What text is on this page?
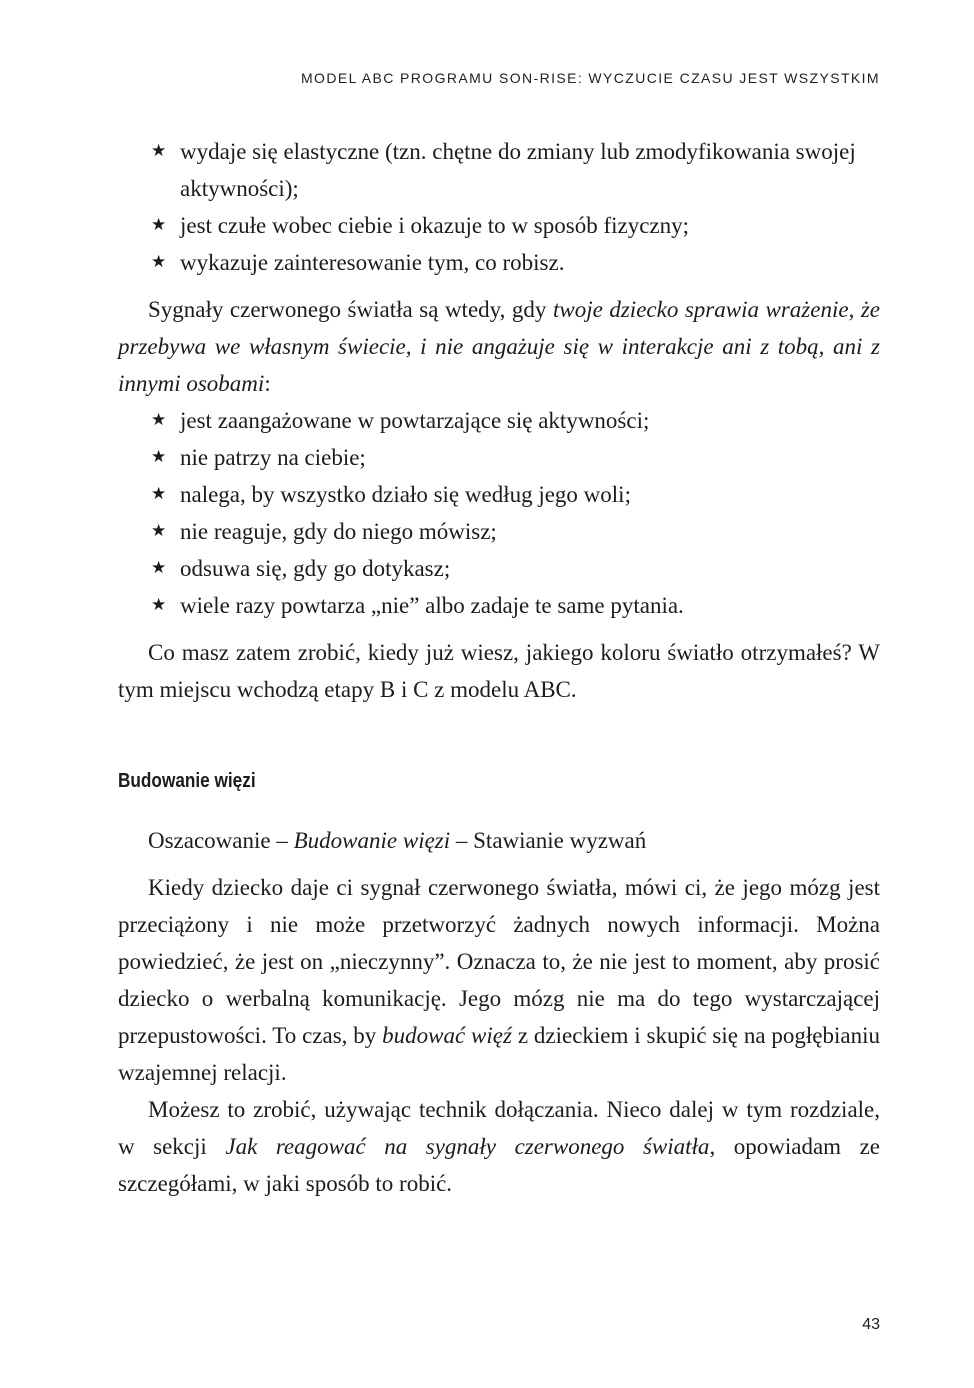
MODEL ABC PROGRAMU SON-RISE: WYCZUCIE CZASU JEST WSZYSTKIM
★ wydaje się elastyczne (tzn. chętne do zmiany lub zmodyfikowania swojej aktywności);
★ jest czułe wobec ciebie i okazuje to w sposób fizyczny;
★ wykazuje zainteresowanie tym, co robisz.

Sygnały czerwonego światła są wtedy, gdy twoje dziecko sprawia wrażenie, że przebywa we własnym świecie, i nie angażuje się w interakcje ani z tobą, ani z innymi osobami:

★ jest zaangażowane w powtarzające się aktywności;
★ nie patrzy na ciebie;
★ nalega, by wszystko działo się według jego woli;
★ nie reaguje, gdy do niego mówisz;
★ odsuwa się, gdy go dotykasz;
★ wiele razy powtarza „nie” albo zadaje te same pytania.

Co masz zatem zrobić, kiedy już wiesz, jakiego koloru światło otrzymałeś? W tym miejscu wchodzą etapy B i C z modelu ABC.

Budowanie więzi

Oszacowanie – Budowanie więzi – Stawianie wyzwań

Kiedy dziecko daje ci sygnał czerwonego światła, mówi ci, że jego mózg jest przeciążony i nie może przetworzyć żadnych nowych informacji. Można powiedzieć, że jest on „nieczynny”. Oznacza to, że nie jest to moment, aby prosić dziecko o werbalną komunikację. Jego mózg nie ma do tego wystarczającej przepustowości. To czas, by budować więź z dzieckiem i skupić się na pogłębianiu wzajemnej relacji.

Możesz to zrobić, używając technik dołączania. Nieco dalej w tym rozdziale, w sekcji Jak reagować na sygnały czerwonego światła, opowiadam ze szczegółami, w jaki sposób to robić.

43
